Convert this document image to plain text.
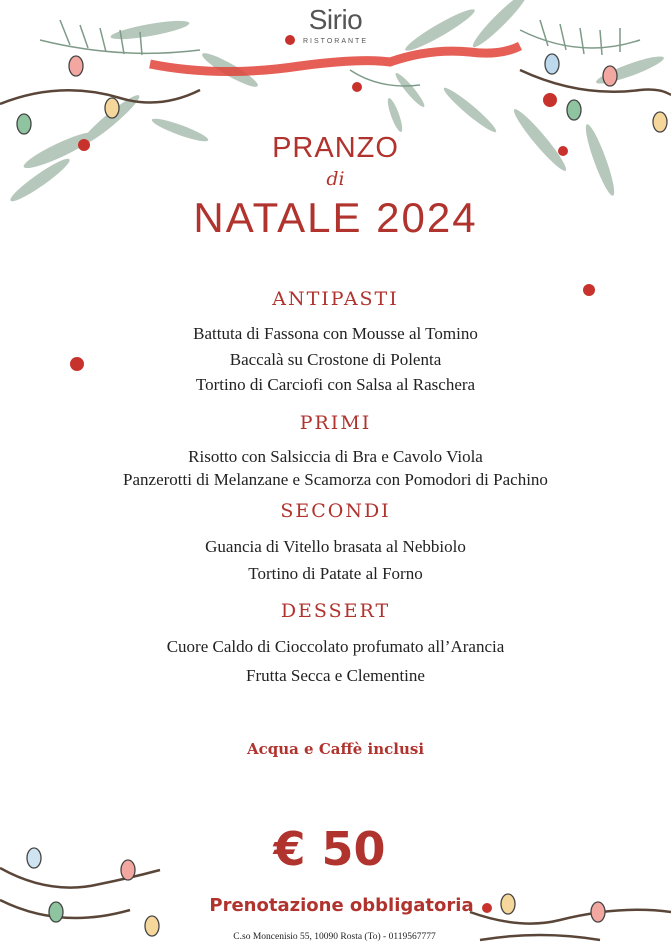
Sirio
RISTORANTE
PRANZO
di
NATALE 2024
ANTIPASTI
Battuta di Fassona con Mousse al Tomino
Baccalà su Crostone di Polenta
Tortino di Carciofi con Salsa al Raschera
PRIMI
Risotto con Salsiccia di Bra e Cavolo Viola
Panzerotti di Melanzane e Scamorza con Pomodori di Pachino
SECONDI
Guancia di Vitello brasata al Nebbiolo
Tortino di Patate al Forno
DESSERT
Cuore Caldo di Cioccolato profumato all’Arancia
Frutta Secca e Clementine
Acqua e Caffè inclusi
€ 50
Prenotazione obbligatoria
C.so Moncenisio 55, 10090 Rosta (To) - 0119567777
